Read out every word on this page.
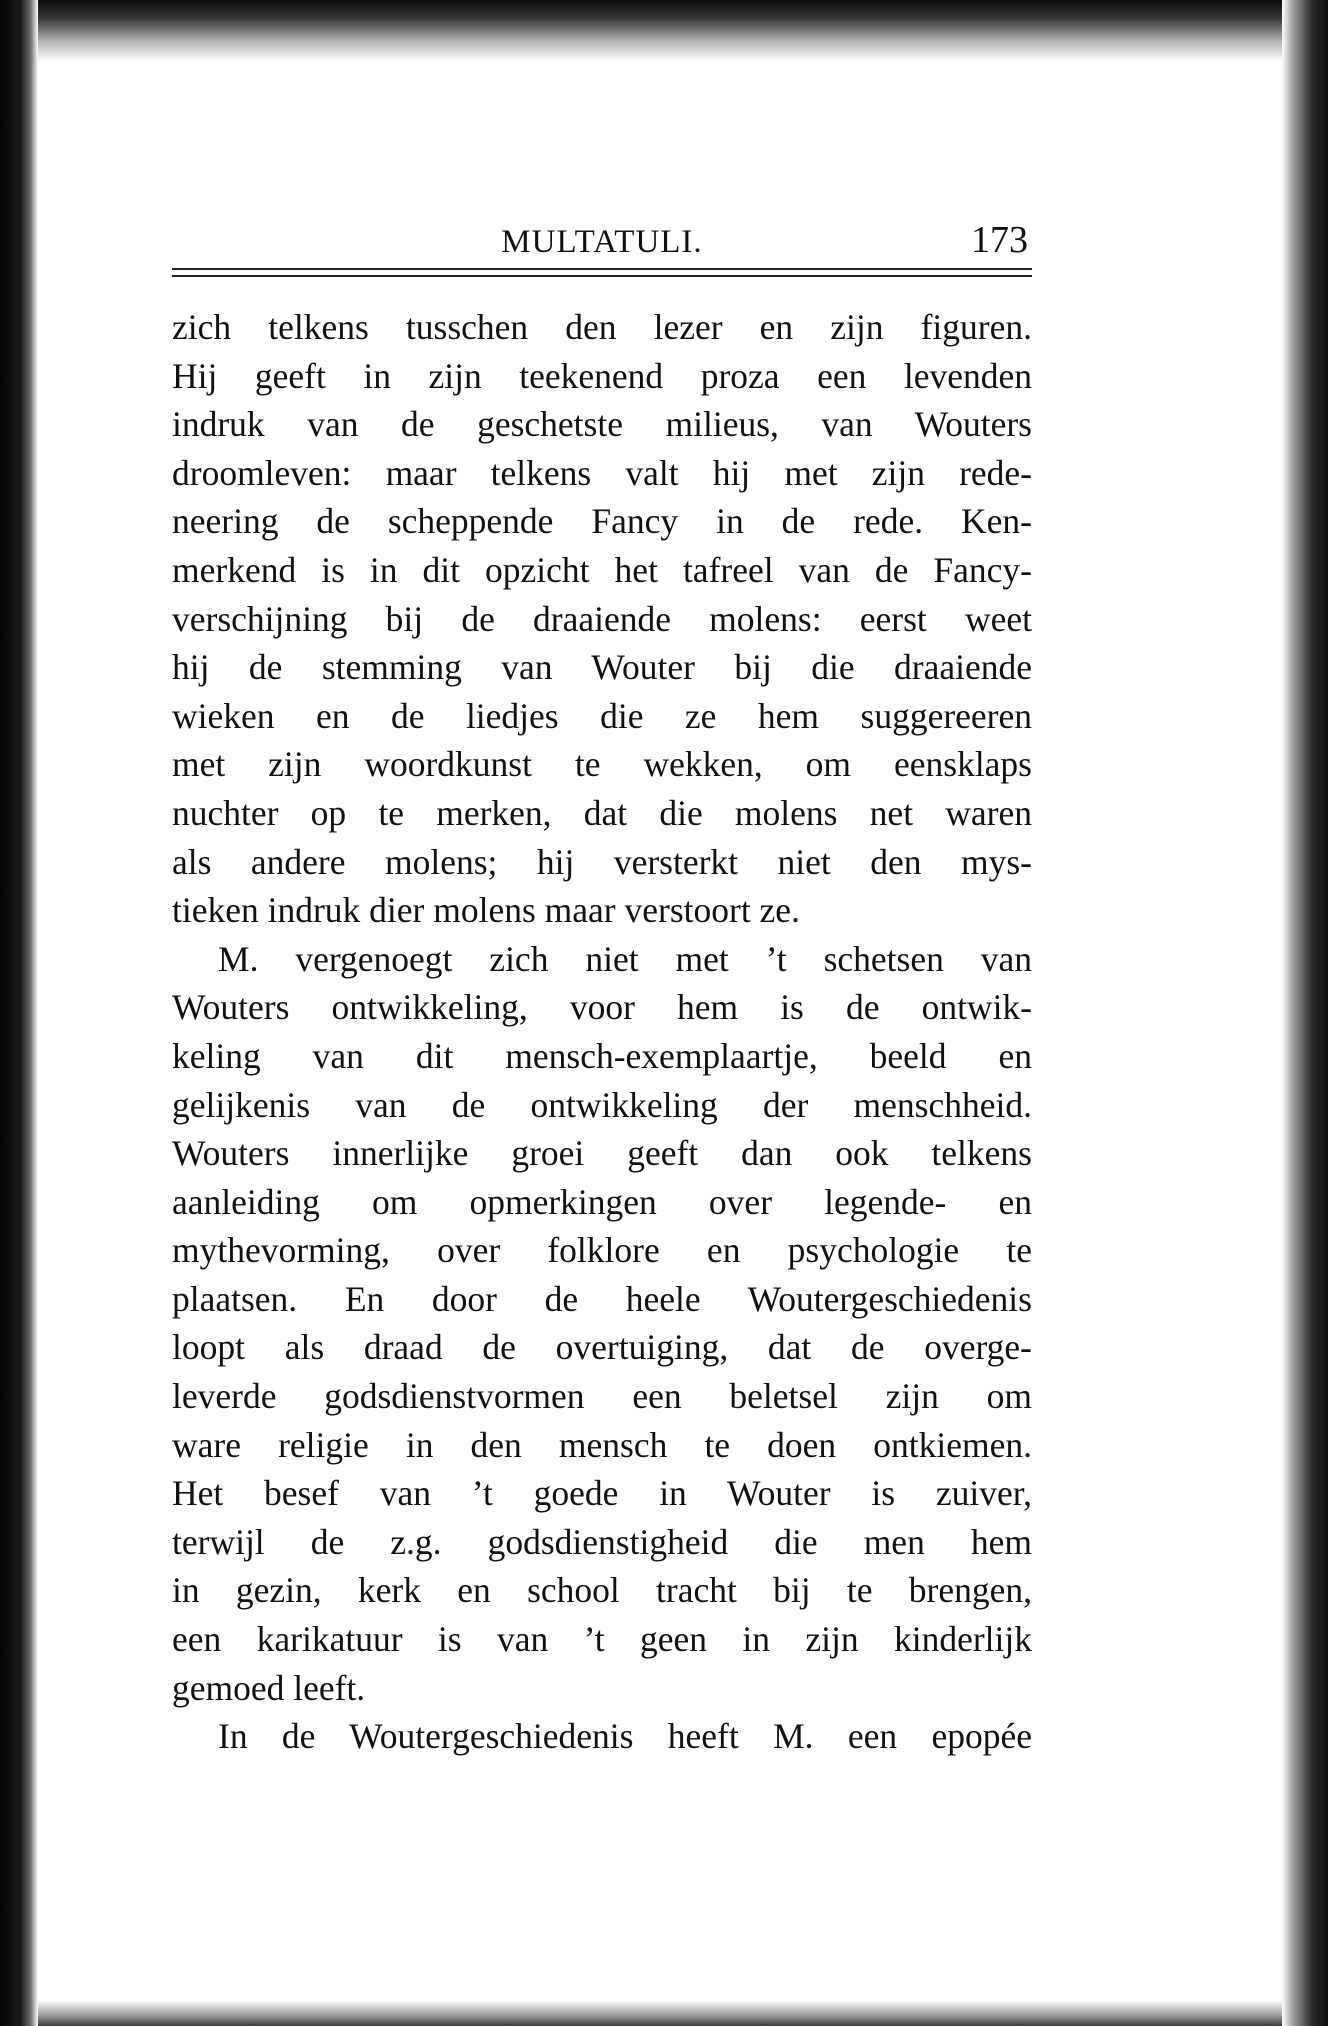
MULTATULI.	173
zich telkens tusschen den lezer en zijn figuren.
Hij geeft in zijn teekenend proza een levenden
indruk van de geschetste milieus, van Wouters
droomleven: maar telkens valt hij met zijn rede-
neering de scheppende Fancy in de rede. Ken-
merkend is in dit opzicht het tafreel van de Fancy-
verschijning bij de draaiende molens: eerst weet
hij de stemming van Wouter bij die draaiende
wieken en de liedjes die ze hem suggereeren
met zijn woordkunst te wekken, om eensklaps
nuchter op te merken, dat die molens net waren
als andere molens; hij versterkt niet den mys-
tieken indruk dier molens maar verstoort ze.
M. vergenoegt zich niet met ’t schetsen van
Wouters ontwikkeling, voor hem is de ontwik-
keling van dit mensch-exemplaartje, beeld en
gelijkenis van de ontwikkeling der menschheid.
Wouters innerlijke groei geeft dan ook telkens
aanleiding om opmerkingen over legende- en
mythevorming, over folklore en psychologie te
plaatsen. En door de heele Woutergeschiedenis
loopt als draad de overtuiging, dat de overge-
leverde godsdienstvormen een beletsel zijn om
ware religie in den mensch te doen ontkiemen.
Het besef van ’t goede in Wouter is zuiver,
terwijl de z.g. godsdienstigheid die men hem
in gezin, kerk en school tracht bij te brengen,
een karikatuur is van ’t geen in zijn kinderlijk
gemoed leeft.
In de Woutergeschiedenis heeft M. een epopée
